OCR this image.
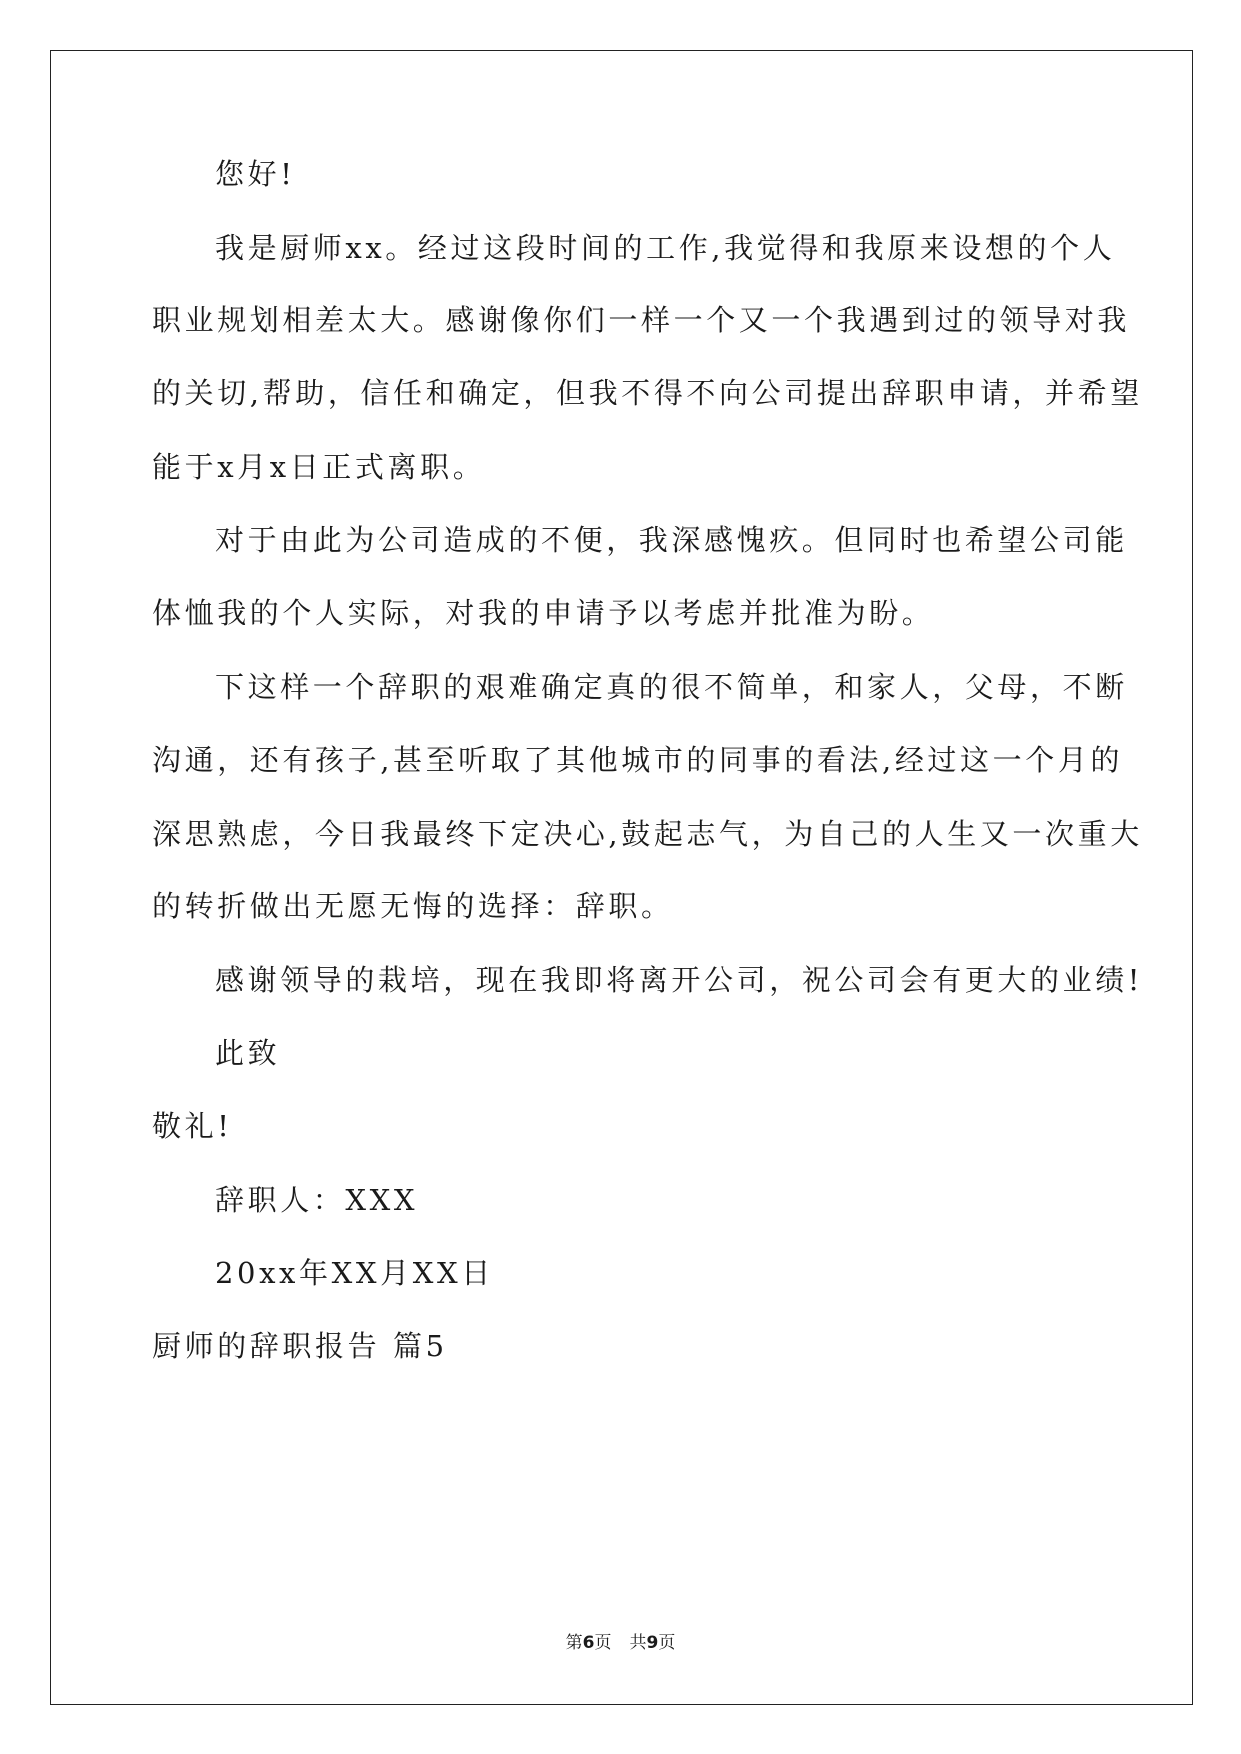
您好!
我是厨师xx。经过这段时间的工作,我觉得和我原来设想的个人
职业规划相差太大。感谢像你们一样一个又一个我遇到过的领导对我
的关切,帮助，信任和确定，但我不得不向公司提出辞职申请，并希望
能于x月x日正式离职。
对于由此为公司造成的不便，我深感愧疚。但同时也希望公司能
体恤我的个人实际，对我的申请予以考虑并批准为盼。
下这样一个辞职的艰难确定真的很不简单，和家人，父母，不断
沟通，还有孩子,甚至听取了其他城市的同事的看法,经过这一个月的
深思熟虑，今日我最终下定决心,鼓起志气，为自己的人生又一次重大
的转折做出无愿无悔的选择：辞职。
感谢领导的栽培，现在我即将离开公司，祝公司会有更大的业绩!
此致
敬礼!
辞职人：XXX
20xx年XX月XX日
厨师的辞职报告 篇5
第6页 共9页
